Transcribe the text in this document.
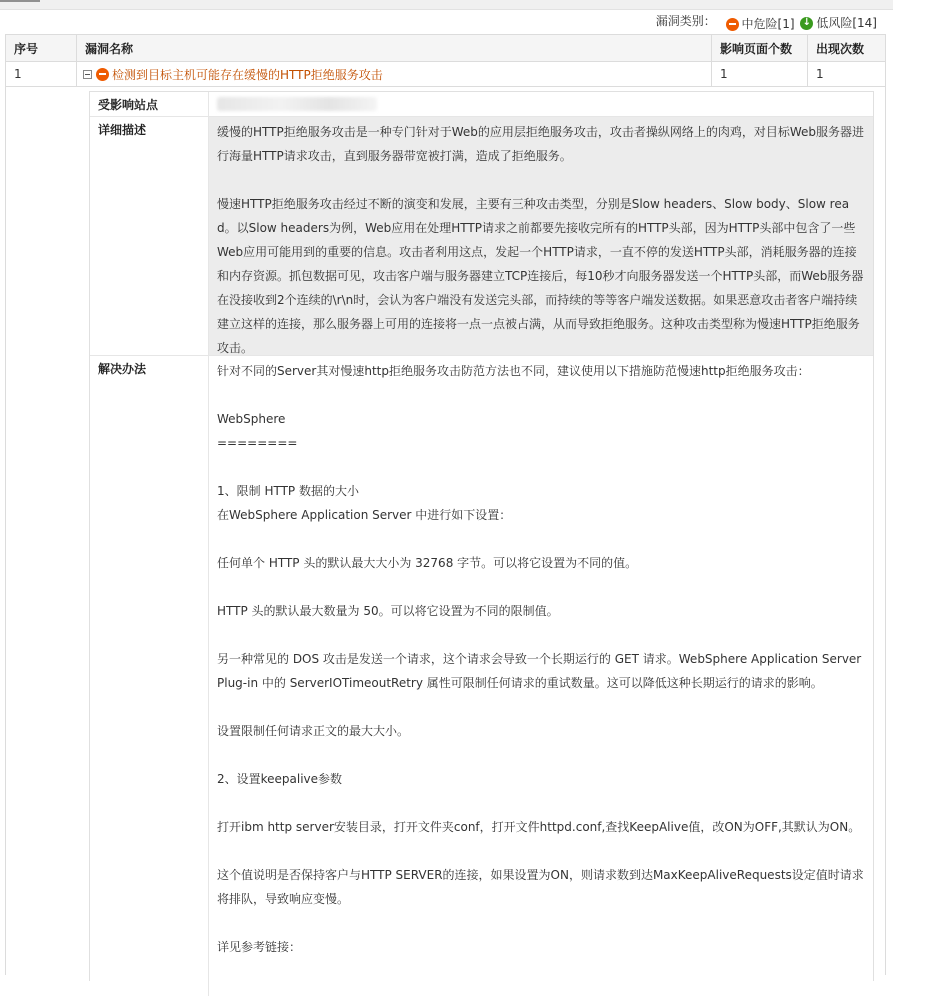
漏洞类别： 中危险[1]
↓ 低风险[14]
序号	漏洞名称	影响页面个数	出现次数
1	检测到目标主机可能存在缓慢的HTTP拒绝服务攻击	1	1
受影响站点
详细描述	缓慢的HTTP拒绝服务攻击是一种专门针对于Web的应用层拒绝服务攻击，攻击者操纵网络上的肉鸡，对目标Web服务器进行海量HTTP请求攻击，直到服务器带宽被打满，造成了拒绝服务。

慢速HTTP拒绝服务攻击经过不断的演变和发展，主要有三种攻击类型，分别是Slow headers、Slow body、Slow read。以Slow headers为例，Web应用在处理HTTP请求之前都要先接收完所有的HTTP头部，因为HTTP头部中包含了一些Web应用可能用到的重要的信息。攻击者利用这点，发起一个HTTP请求，一直不停的发送HTTP头部，消耗服务器的连接和内存资源。抓包数据可见，攻击客户端与服务器建立TCP连接后，每10秒才向服务器发送一个HTTP头部，而Web服务器在没接收到2个连续的\r\n时，会认为客户端没有发送完头部，而持续的等等客户端发送数据。如果恶意攻击者客户端持续建立这样的连接，那么服务器上可用的连接将一点一点被占满，从而导致拒绝服务。这种攻击类型称为慢速HTTP拒绝服务攻击。
解决办法	针对不同的Server其对慢速http拒绝服务攻击防范方法也不同，建议使用以下措施防范慢速http拒绝服务攻击：

WebSphere
========

1、限制 HTTP 数据的大小
在WebSphere Application Server 中进行如下设置：

任何单个 HTTP 头的默认最大大小为 32768 字节。可以将它设置为不同的值。

HTTP 头的默认最大数量为 50。可以将它设置为不同的限制值。

另一种常见的 DOS 攻击是发送一个请求，这个请求会导致一个长期运行的 GET 请求。WebSphere Application Server Plug-in 中的 ServerIOTimeoutRetry 属性可限制任何请求的重试数量。这可以降低这种长期运行的请求的影响。

设置限制任何请求正文的最大大小。

2、设置keepalive参数

打开ibm http server安装目录，打开文件夹conf，打开文件httpd.conf,查找KeepAlive值，改ON为OFF,其默认为ON。

这个值说明是否保持客户与HTTP SERVER的连接，如果设置为ON，则请求数到达MaxKeepAliveRequests设定值时请求将排队，导致响应变慢。

详见参考链接：
